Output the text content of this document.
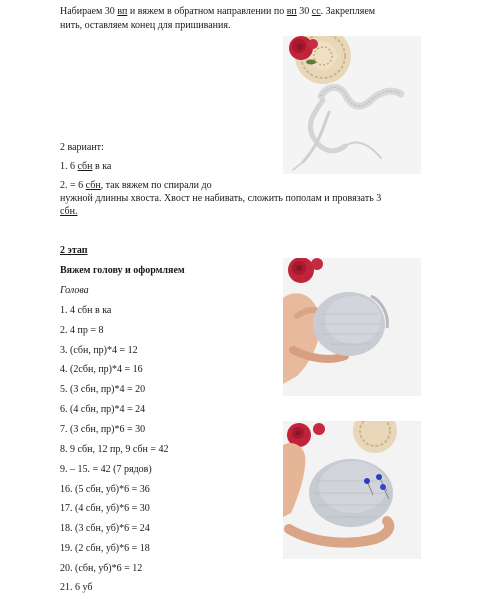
Набираем 30 вп и вяжем в обратном направлении по вп 30 сс. Закрепляем
нить, оставляем конец для пришивания.
2 вариант:
1. 6 сбн в ка
2. = 6 сбн, так вяжем по спирали до
нужной длинны хвоста. Хвост не набивать, сложить пополам и провязать 3
сбн.
2 этап
Вяжем голову и оформляем
Голова
1. 4 сбн в ка
2. 4 пр = 8
3. (сбн, пр)*4 = 12
4. (2сбн, пр)*4 = 16
5. (3 сбн, пр)*4 = 20
6. (4 сбн, пр)*4 = 24
7. (3 сбн, пр)*6 = 30
8. 9 сбн, 12 пр, 9 сбн = 42
9. – 15. = 42 (7 рядов)
16. (5 сбн, уб)*6 = 36
17. (4 сбн, уб)*6 = 30
18. (3 сбн, уб)*6 = 24
19. (2 сбн, уб)*6 = 18
20. (сбн, уб)*6 = 12
21. 6 уб
